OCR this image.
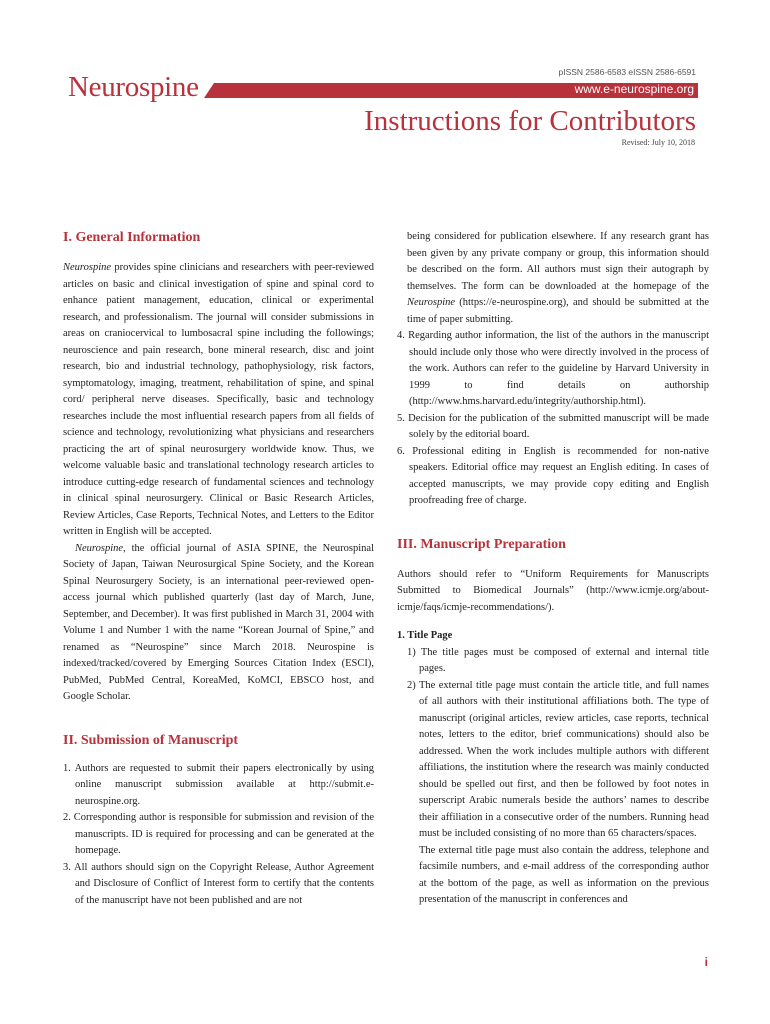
pISSN 2586-6583 eISSN 2586-6591
Neurospine	www.e-neurospine.org
Instructions for Contributors
Revised: July 10, 2018
I. General Information

Neurospine provides spine clinicians and researchers with peer-reviewed articles on basic and clinical investigation of spine and spinal cord to enhance patient management, education, clinical or experimental research, and professionalism. The journal will consider submissions in areas on craniocervical to lumbosacral spine including the followings; neuroscience and pain research, bone mineral research, disc and joint research, bio and industrial technology, pathophysiology, risk factors, symptomatology, imaging, treatment, rehabilitation of spine, and spinal cord/ peripheral nerve diseases. Specifically, basic and technology researches include the most influential research papers from all fields of science and technology, revolutionizing what physicians and researchers practicing the art of spinal neurosurgery worldwide know. Thus, we welcome valuable basic and translational technology research articles to introduce cutting-edge research of fundamental sciences and technology in clinical spinal neurosurgery. Clinical or Basic Research Articles, Review Articles, Case Reports, Technical Notes, and Letters to the Editor written in English will be accepted.

Neurospine, the official journal of ASIA SPINE, the Neurospinal Society of Japan, Taiwan Neurosurgical Spine Society, and the Korean Spinal Neurosurgery Society, is an international peer-reviewed open-access journal which published quarterly (last day of March, June, September, and December). It was first published in March 31, 2004 with Volume 1 and Number 1 with the name “Korean Journal of Spine,” and renamed as “Neurospine” since March 2018. Neurospine is indexed/tracked/covered by Emerging Sources Citation Index (ESCI), PubMed, PubMed Central, KoreaMed, KoMCI, EBSCO host, and Google Scholar.

II. Submission of Manuscript

1. Authors are requested to submit their papers electronically by using online manuscript submission available at http://submit.e-neurospine.org.

2. Corresponding author is responsible for submission and revision of the manuscripts. ID is required for processing and can be generated at the homepage.

3. All authors should sign on the Copyright Release, Author Agreement and Disclosure of Conflict of Interest form to certify that the contents of the manuscript have not been published and are not

being considered for publication elsewhere. If any research grant has been given by any private company or group, this information should be described on the form. All authors must sign their autograph by themselves. The form can be downloaded at the homepage of the Neurospine (https://e-neurospine.org), and should be submitted at the time of paper submitting.

4. Regarding author information, the list of the authors in the manuscript should include only those who were directly involved in the process of the work. Authors can refer to the guideline by Harvard University in 1999 to find details on authorship (http://www.hms.harvard.edu/integrity/authorship.html).

5. Decision for the publication of the submitted manuscript will be made solely by the editorial board.

6. Professional editing in English is recommended for non-native speakers. Editorial office may request an English editing. In cases of accepted manuscripts, we may provide copy editing and English proofreading free of charge.

III. Manuscript Preparation

Authors should refer to “Uniform Requirements for Manuscripts Submitted to Biomedical Journals” (http://www.icmje.org/about-icmje/faqs/icmje-recommendations/).

1. Title Page

1) The title pages must be composed of external and internal title pages.

2) The external title page must contain the article title, and full names of all authors with their institutional affiliations both. The type of manuscript (original articles, review articles, case reports, technical notes, letters to the editor, brief communications) should also be addressed. When the work includes multiple authors with different affiliations, the institution where the research was mainly conducted should be spelled out first, and then be followed by foot notes in superscript Arabic numerals beside the authors’ names to describe their affiliation in a consecutive order of the numbers. Running head must be included consisting of no more than 65 characters/spaces.

The external title page must also contain the address, telephone and facsimile numbers, and e-mail address of the corresponding author at the bottom of the page, as well as information on the previous presentation of the manuscript in conferences and

i
